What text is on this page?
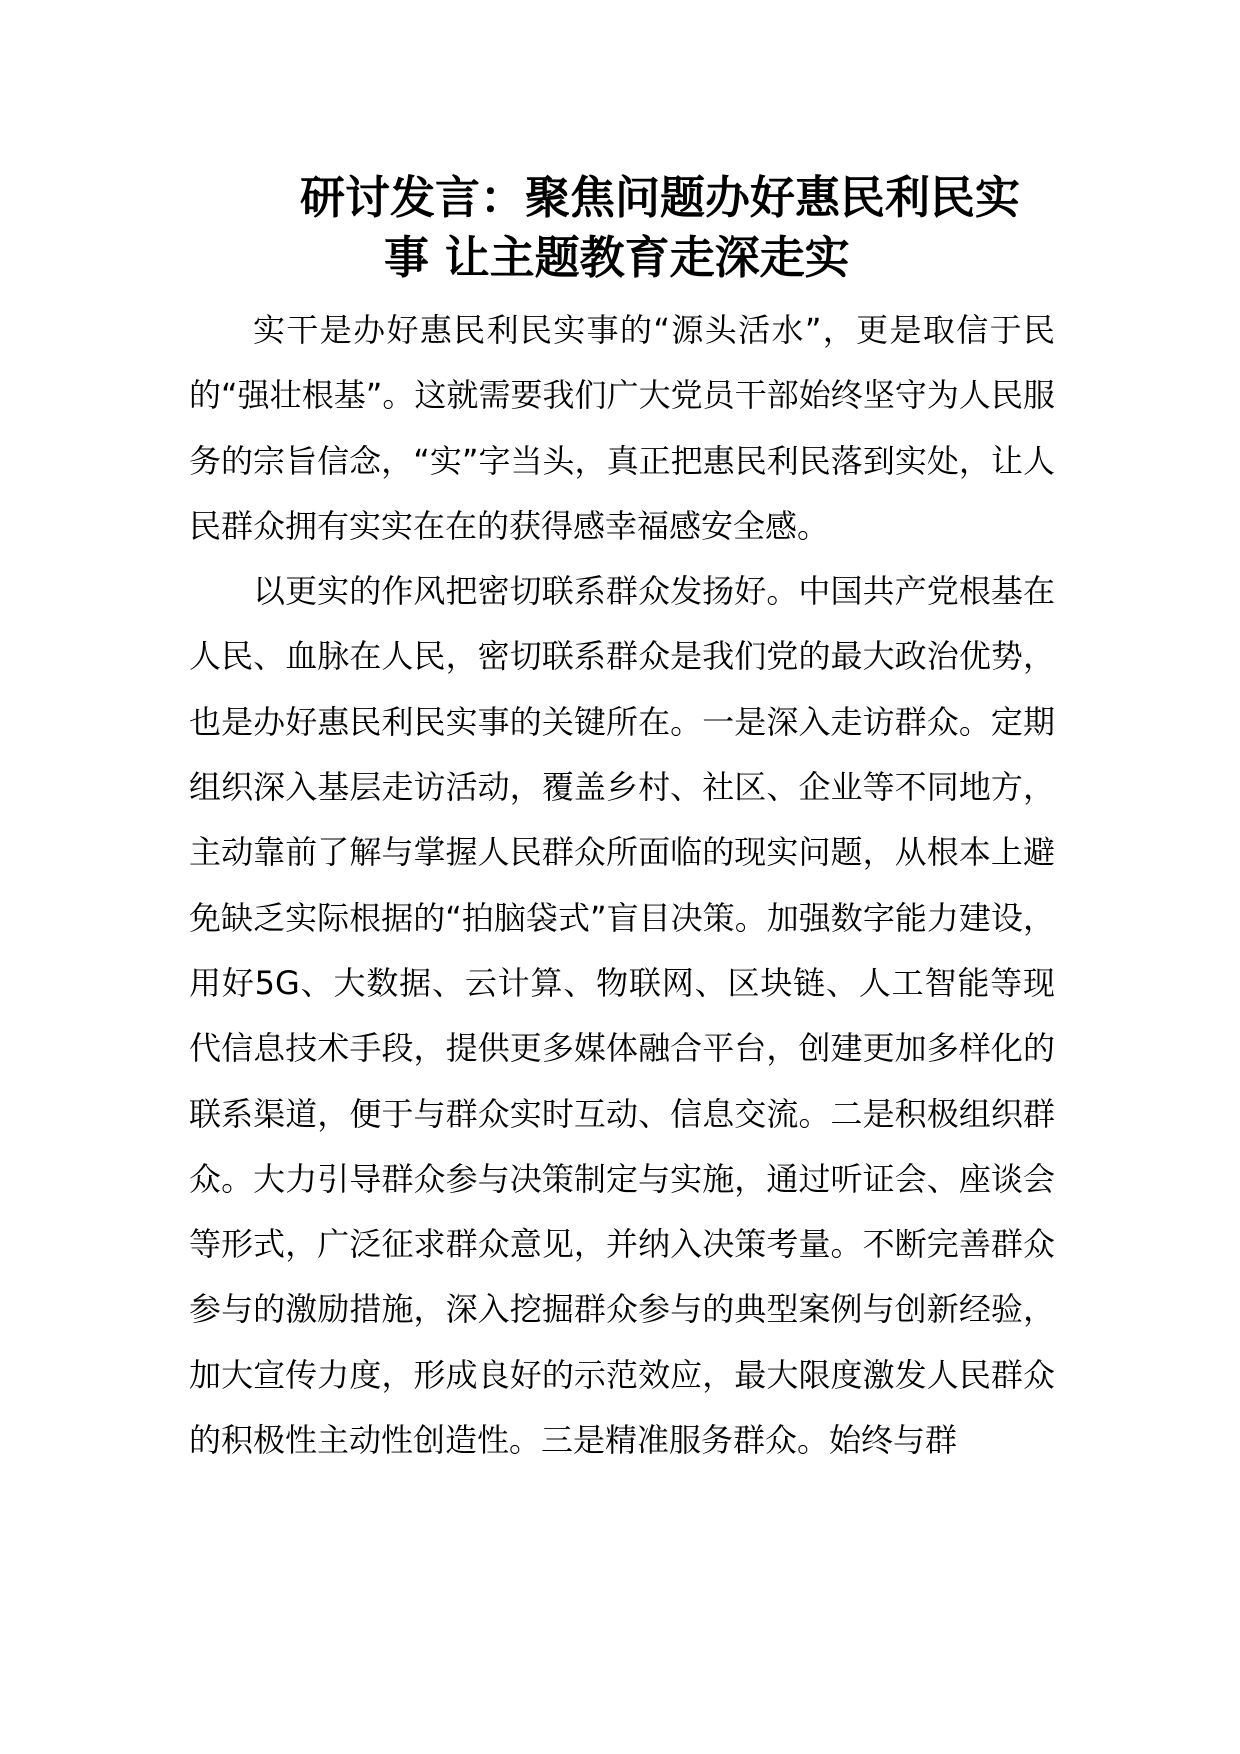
研讨发言：聚焦问题办好惠民利民实
事 让主题教育走深走实

实干是办好惠民利民实事的“源头活水”，更是取信于民的“强壮根基”。这就需要我们广大党员干部始终坚守为人民服务的宗旨信念，“实”字当头，真正把惠民利民落到实处，让人民群众拥有实实在在的获得感幸福感安全感。

以更实的作风把密切联系群众发扬好。中国共产党根基在人民、血脉在人民，密切联系群众是我们党的最大政治优势，也是办好惠民利民实事的关键所在。一是深入走访群众。定期组织深入基层走访活动，覆盖乡村、社区、企业等不同地方，主动靠前了解与掌握人民群众所面临的现实问题，从根本上避免缺乏实际根据的“拍脑袋式”盲目决策。加强数字能力建设，用好5G、大数据、云计算、物联网、区块链、人工智能等现代信息技术手段，提供更多媒体融合平台，创建更加多样化的联系渠道，便于与群众实时互动、信息交流。二是积极组织群众。大力引导群众参与决策制定与实施，通过听证会、座谈会等形式，广泛征求群众意见，并纳入决策考量。不断完善群众参与的激励措施，深入挖掘群众参与的典型案例与创新经验，加大宣传力度，形成良好的示范效应，最大限度激发人民群众的积极性主动性创造性。三是精准服务群众。始终与群
